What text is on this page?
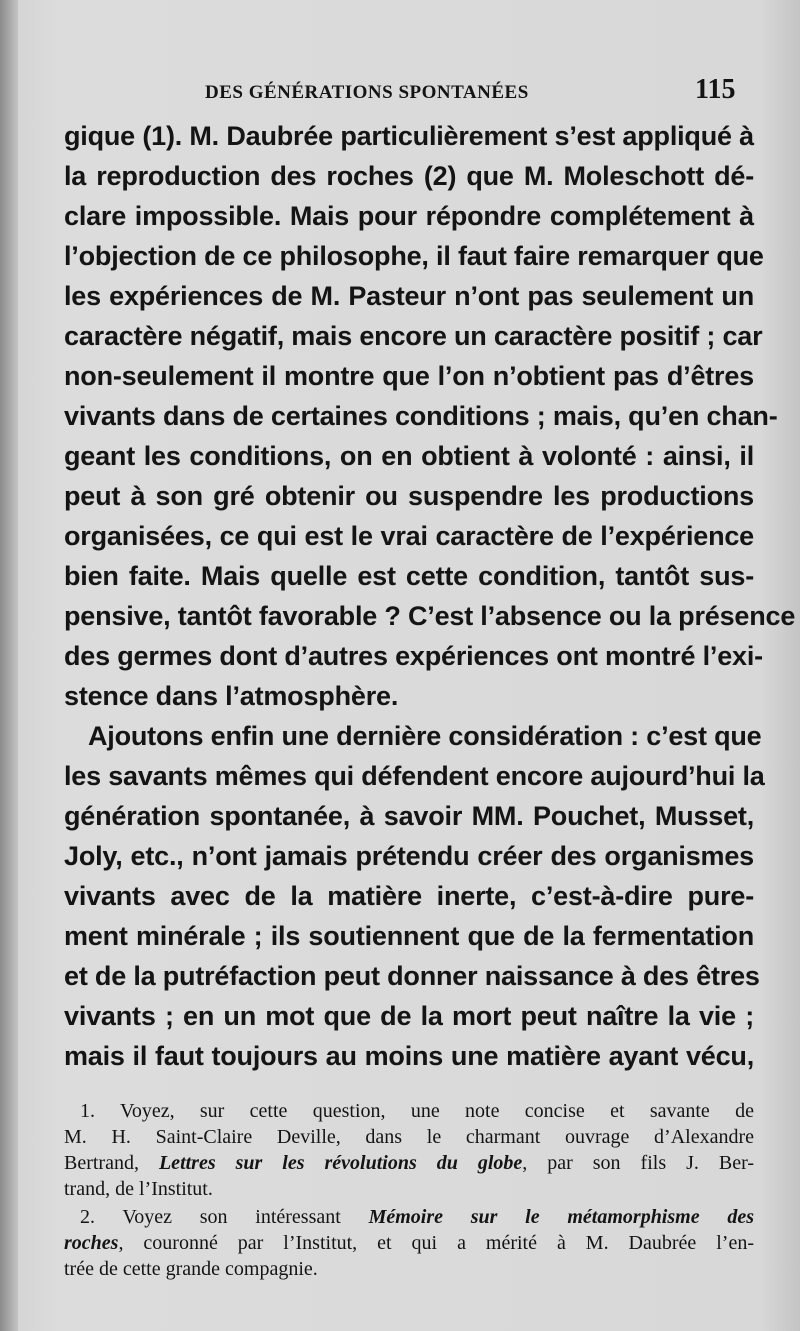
DES GÉNÉRATIONS SPONTANÉES	115
gique (1). M. Daubrée particulièrement s’est appliqué à
la reproduction des roches (2) que M. Moleschott dé-
clare impossible. Mais pour répondre complétement à
l’objection de ce philosophe, il faut faire remarquer que
les expériences de M. Pasteur n’ont pas seulement un
caractère négatif, mais encore un caractère positif ; car
non-seulement il montre que l’on n’obtient pas d’êtres
vivants dans de certaines conditions ; mais, qu’en chan-
geant les conditions, on en obtient à volonté : ainsi, il
peut à son gré obtenir ou suspendre les productions
organisées, ce qui est le vrai caractère de l’expérience
bien faite. Mais quelle est cette condition, tantôt sus-
pensive, tantôt favorable ? C’est l’absence ou la présence
des germes dont d’autres expériences ont montré l’exi-
stence dans l’atmosphère.
Ajoutons enfin une dernière considération : c’est que
les savants mêmes qui défendent encore aujourd’hui la
génération spontanée, à savoir MM. Pouchet, Musset,
Joly, etc., n’ont jamais prétendu créer des organismes
vivants avec de la matière inerte, c’est-à-dire pure-
ment minérale ; ils soutiennent que de la fermentation
et de la putréfaction peut donner naissance à des êtres
vivants ; en un mot que de la mort peut naître la vie ;
mais il faut toujours au moins une matière ayant vécu,
1. Voyez, sur cette question, une note concise et savante de
M. H. Saint-Claire Deville, dans le charmant ouvrage d’Alexandre
Bertrand, Lettres sur les révolutions du globe, par son fils J. Ber-
trand, de l’Institut.
2. Voyez son intéressant Mémoire sur le métamorphisme des
roches, couronné par l’Institut, et qui a mérité à M. Daubrée l’en-
trée de cette grande compagnie.
